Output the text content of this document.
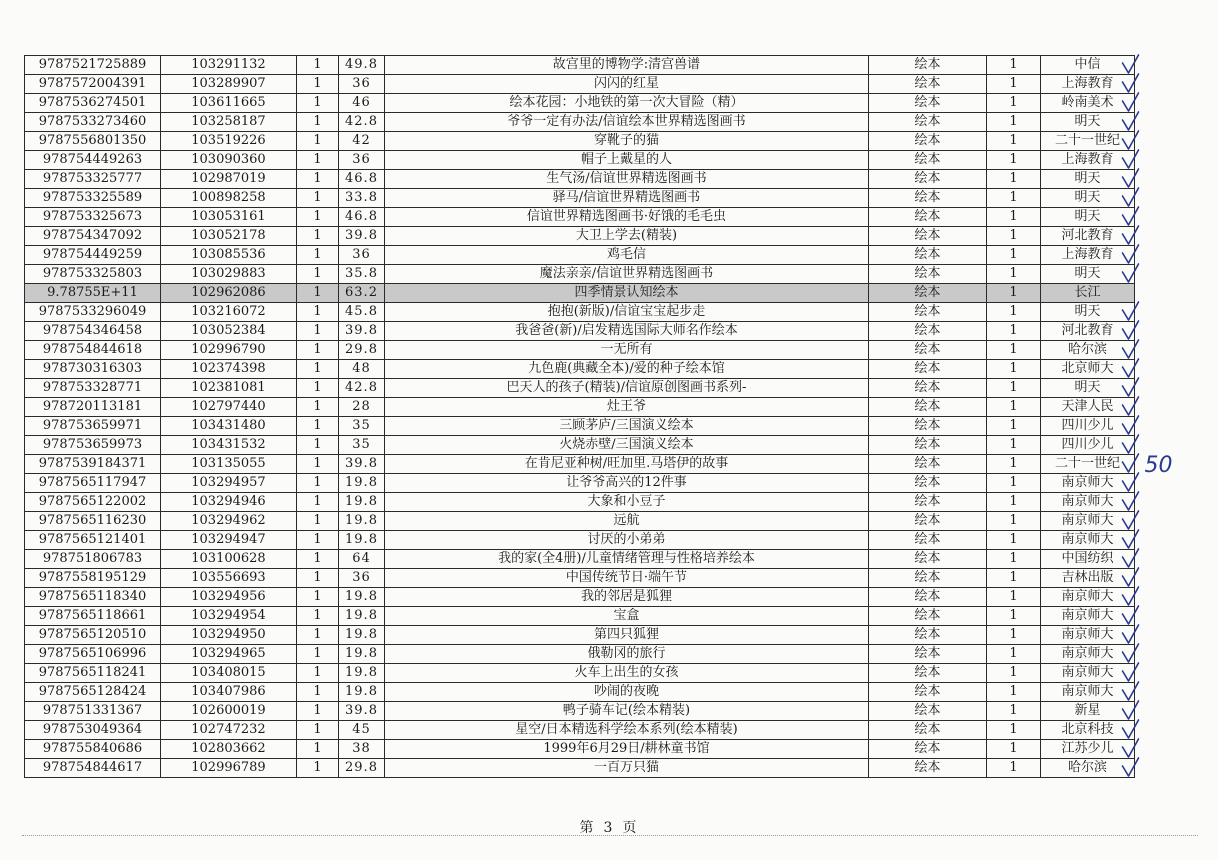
9787521725889	103291132	1	49.8	故宫里的博物学:清宫兽谱	绘本	1	中信
9787572004391	103289907	1	36	闪闪的红星	绘本	1	上海教育
9787536274501	103611665	1	46	绘本花园：小地铁的第一次大冒险（精）	绘本	1	岭南美术
9787533273460	103258187	1	42.8	爷爷一定有办法/信谊绘本世界精选图画书	绘本	1	明天
9787556801350	103519226	1	42	穿靴子的猫	绘本	1	二十一世纪
978754449263	103090360	1	36	帽子上戴星的人	绘本	1	上海教育
978753325777	102987019	1	46.8	生气汤/信谊世界精选图画书	绘本	1	明天
978753325589	100898258	1	33.8	驿马/信谊世界精选图画书	绘本	1	明天
978753325673	103053161	1	46.8	信谊世界精选图画书·好饿的毛毛虫	绘本	1	明天
978754347092	103052178	1	39.8	大卫上学去(精装)	绘本	1	河北教育
978754449259	103085536	1	36	鸡毛信	绘本	1	上海教育
978753325803	103029883	1	35.8	魔法亲亲/信谊世界精选图画书	绘本	1	明天
9.78755E+11	102962086	1	63.2	四季情景认知绘本	绘本	1	长江
9787533296049	103216072	1	45.8	抱抱(新版)/信谊宝宝起步走	绘本	1	明天
978754346458	103052384	1	39.8	我爸爸(新)/启发精选国际大师名作绘本	绘本	1	河北教育
978754844618	102996790	1	29.8	一无所有	绘本	1	哈尔滨
978730316303	102374398	1	48	九色鹿(典藏全本)/爱的种子绘本馆	绘本	1	北京师大
978753328771	102381081	1	42.8	巴天人的孩子(精装)/信谊原创图画书系列-	绘本	1	明天
978720113181	102797440	1	28	灶王爷	绘本	1	天津人民
978753659971	103431480	1	35	三顾茅庐/三国演义绘本	绘本	1	四川少儿
978753659973	103431532	1	35	火烧赤壁/三国演义绘本	绘本	1	四川少儿
9787539184371	103135055	1	39.8	在肯尼亚种树/旺加里.马塔伊的故事	绘本	1	二十一世纪
9787565117947	103294957	1	19.8	让爷爷高兴的12件事	绘本	1	南京师大
9787565122002	103294946	1	19.8	大象和小豆子	绘本	1	南京师大
9787565116230	103294962	1	19.8	远航	绘本	1	南京师大
9787565121401	103294947	1	19.8	讨厌的小弟弟	绘本	1	南京师大
978751806783	103100628	1	64	我的家(全4册)/儿童情绪管理与性格培养绘本	绘本	1	中国纺织
9787558195129	103556693	1	36	中国传统节日·端午节	绘本	1	吉林出版
9787565118340	103294956	1	19.8	我的邻居是狐狸	绘本	1	南京师大
9787565118661	103294954	1	19.8	宝盒	绘本	1	南京师大
9787565120510	103294950	1	19.8	第四只狐狸	绘本	1	南京师大
9787565106996	103294965	1	19.8	俄勒冈的旅行	绘本	1	南京师大
9787565118241	103408015	1	19.8	火车上出生的女孩	绘本	1	南京师大
9787565128424	103407986	1	19.8	吵闹的夜晚	绘本	1	南京师大
978751331367	102600019	1	39.8	鸭子骑车记(绘本精装)	绘本	1	新星
978753049364	102747232	1	45	星空/日本精选科学绘本系列(绘本精装)	绘本	1	北京科技
978755840686	102803662	1	38	1999年6月29日/耕林童书馆	绘本	1	江苏少儿
978754844617	102996789	1	29.8	一百万只猫	绘本	1	哈尔滨
50
第 3 页
